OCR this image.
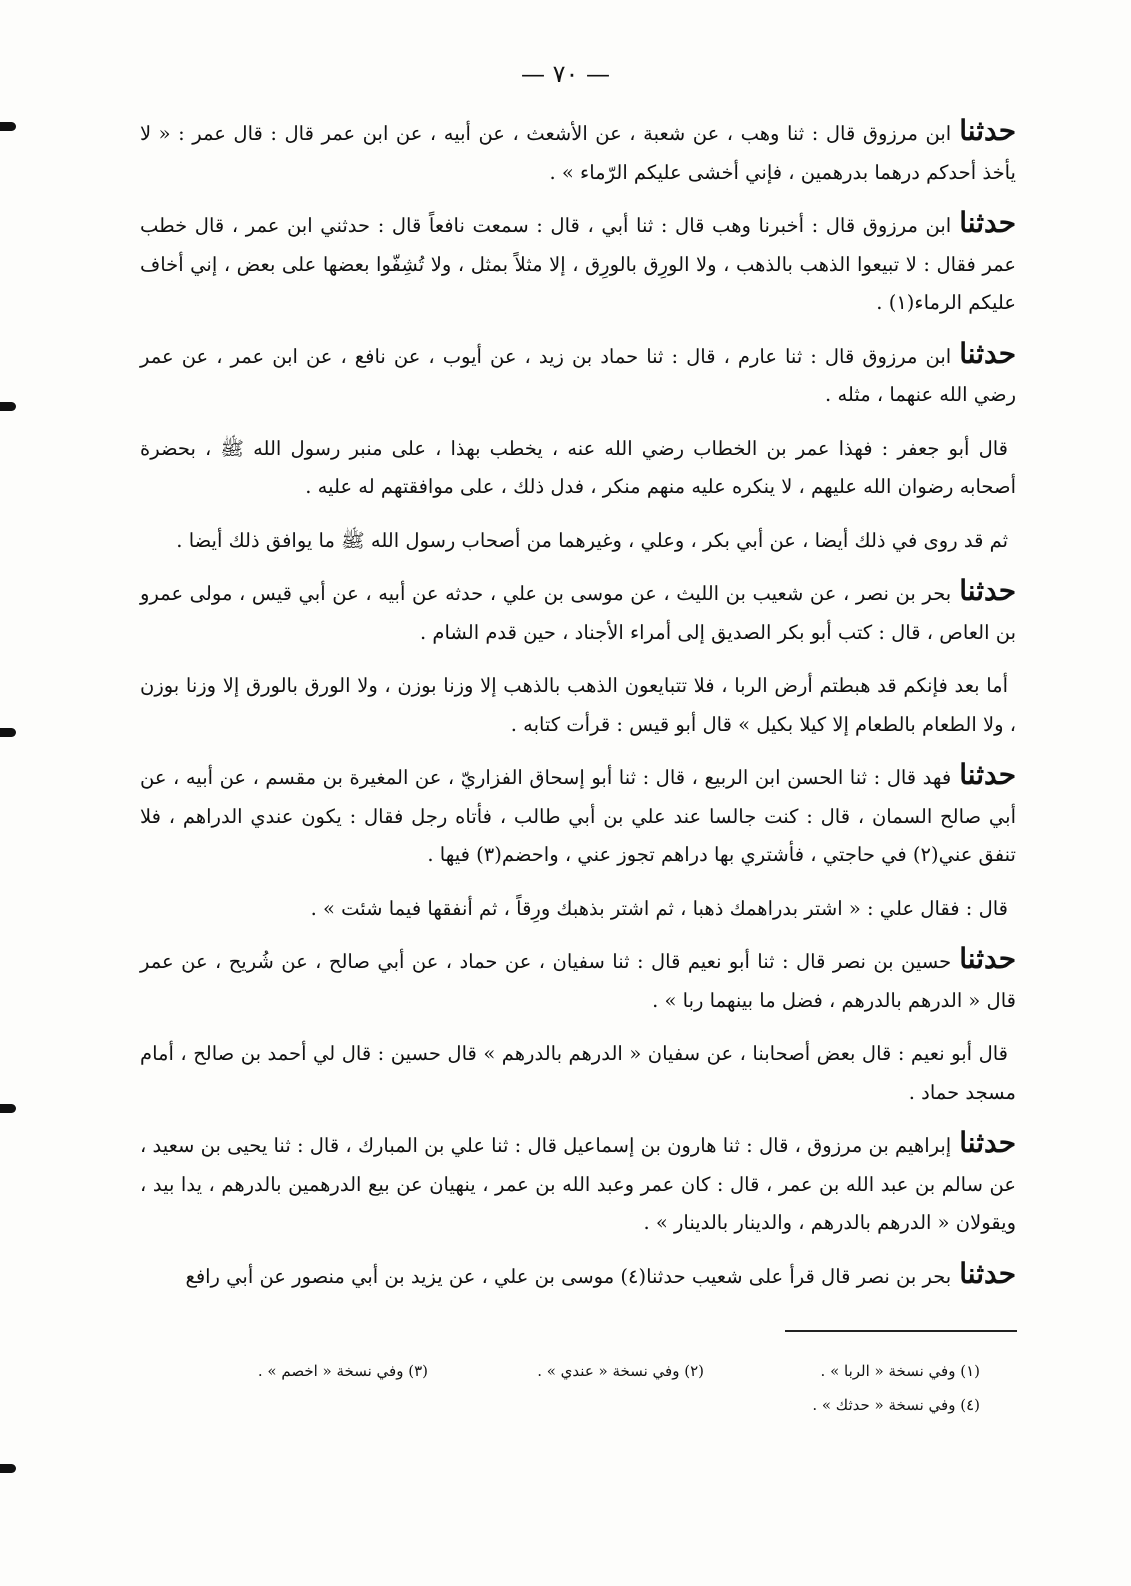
— ٧٠ —

حدثناابن مرزوق قال : ثنا وهب ، عن شعبة ، عن الأشعث ، عن أبيه ، عن ابن عمر قال : قال عمر : « لا يأخذ أحدكم درهما بدرهمين ، فإني أخشى عليكم الرّماء » .

حدثناابن مرزوق قال : أخبرنا وهب قال : ثنا أبي ، قال : سمعت نافعاً قال : حدثني ابن عمر ، قال خطب عمر فقال : لا تبيعوا الذهب بالذهب ، ولا الورِق بالورِق ، إلا مثلاً بمثل ، ولا تُشِفّوا بعضها على بعض ، إني أخاف عليكم الرماء(١) .

حدثناابن مرزوق قال : ثنا عارم ، قال : ثنا حماد بن زيد ، عن أيوب ، عن نافع ، عن ابن عمر ، عن عمر رضي الله عنهما ، مثله .

قال أبو جعفر : فهذا عمر بن الخطاب رضي الله عنه ، يخطب بهذا ، على منبر رسول الله ﷺ ، بحضرة أصحابه رضوان الله عليهم ، لا ينكره عليه منهم منكر ، فدل ذلك ، على موافقتهم له عليه .

ثم قد روى في ذلك أيضا ، عن أبي بكر ، وعلي ، وغيرهما من أصحاب رسول الله ﷺ ما يوافق ذلك أيضا .

حدثنابحر بن نصر ، عن شعيب بن الليث ، عن موسى بن علي ، حدثه عن أبيه ، عن أبي قيس ، مولى عمرو بن العاص ، قال : كتب أبو بكر الصديق إلى أمراء الأجناد ، حين قدم الشام .

أما بعد فإنكم قد هبطتم أرض الربا ، فلا تتبايعون الذهب بالذهب إلا وزنا بوزن ، ولا الورق بالورق إلا وزنا بوزن ، ولا الطعام بالطعام إلا كيلا بكيل » قال أبو قيس : قرأت كتابه .

حدثنافهد قال : ثنا الحسن ابن الربيع ، قال : ثنا أبو إسحاق الفزاريّ ، عن المغيرة بن مقسم ، عن أبيه ، عن أبي صالح السمان ، قال : كنت جالسا عند علي بن أبي طالب ، فأتاه رجل فقال : يكون عندي الدراهم ، فلا تنفق عني(٢) في حاجتي ، فأشتري بها دراهم تجوز عني ، واحضم(٣) فيها .

قال : فقال علي : « اشتر بدراهمك ذهبا ، ثم اشتر بذهبك ورِقاً ، ثم أنفقها فيما شئت » .

حدثناحسين بن نصر قال : ثنا أبو نعيم قال : ثنا سفيان ، عن حماد ، عن أبي صالح ، عن شُريح ، عن عمر قال « الدرهم بالدرهم ، فضل ما بينهما ربا » .

قال أبو نعيم : قال بعض أصحابنا ، عن سفيان « الدرهم بالدرهم » قال حسين : قال لي أحمد بن صالح ، أمام مسجد حماد .

حدثناإبراهيم بن مرزوق ، قال : ثنا هارون بن إسماعيل قال : ثنا علي بن المبارك ، قال : ثنا يحيى بن سعيد ، عن سالم بن عبد الله بن عمر ، قال : كان عمر وعبد الله بن عمر ، ينهيان عن بيع الدرهمين بالدرهم ، يدا بيد ، ويقولان « الدرهم بالدرهم ، والدينار بالدينار » .

حدثنابحر بن نصر قال قرأ على شعيب حدثنا(٤) موسى بن علي ، عن يزيد بن أبي منصور عن أبي رافع

(١) وفي نسخة « الربا » .
(٢) وفي نسخة « عندي » .
(٣) وفي نسخة « اخصم » .
(٤) وفي نسخة « حدثك » .
